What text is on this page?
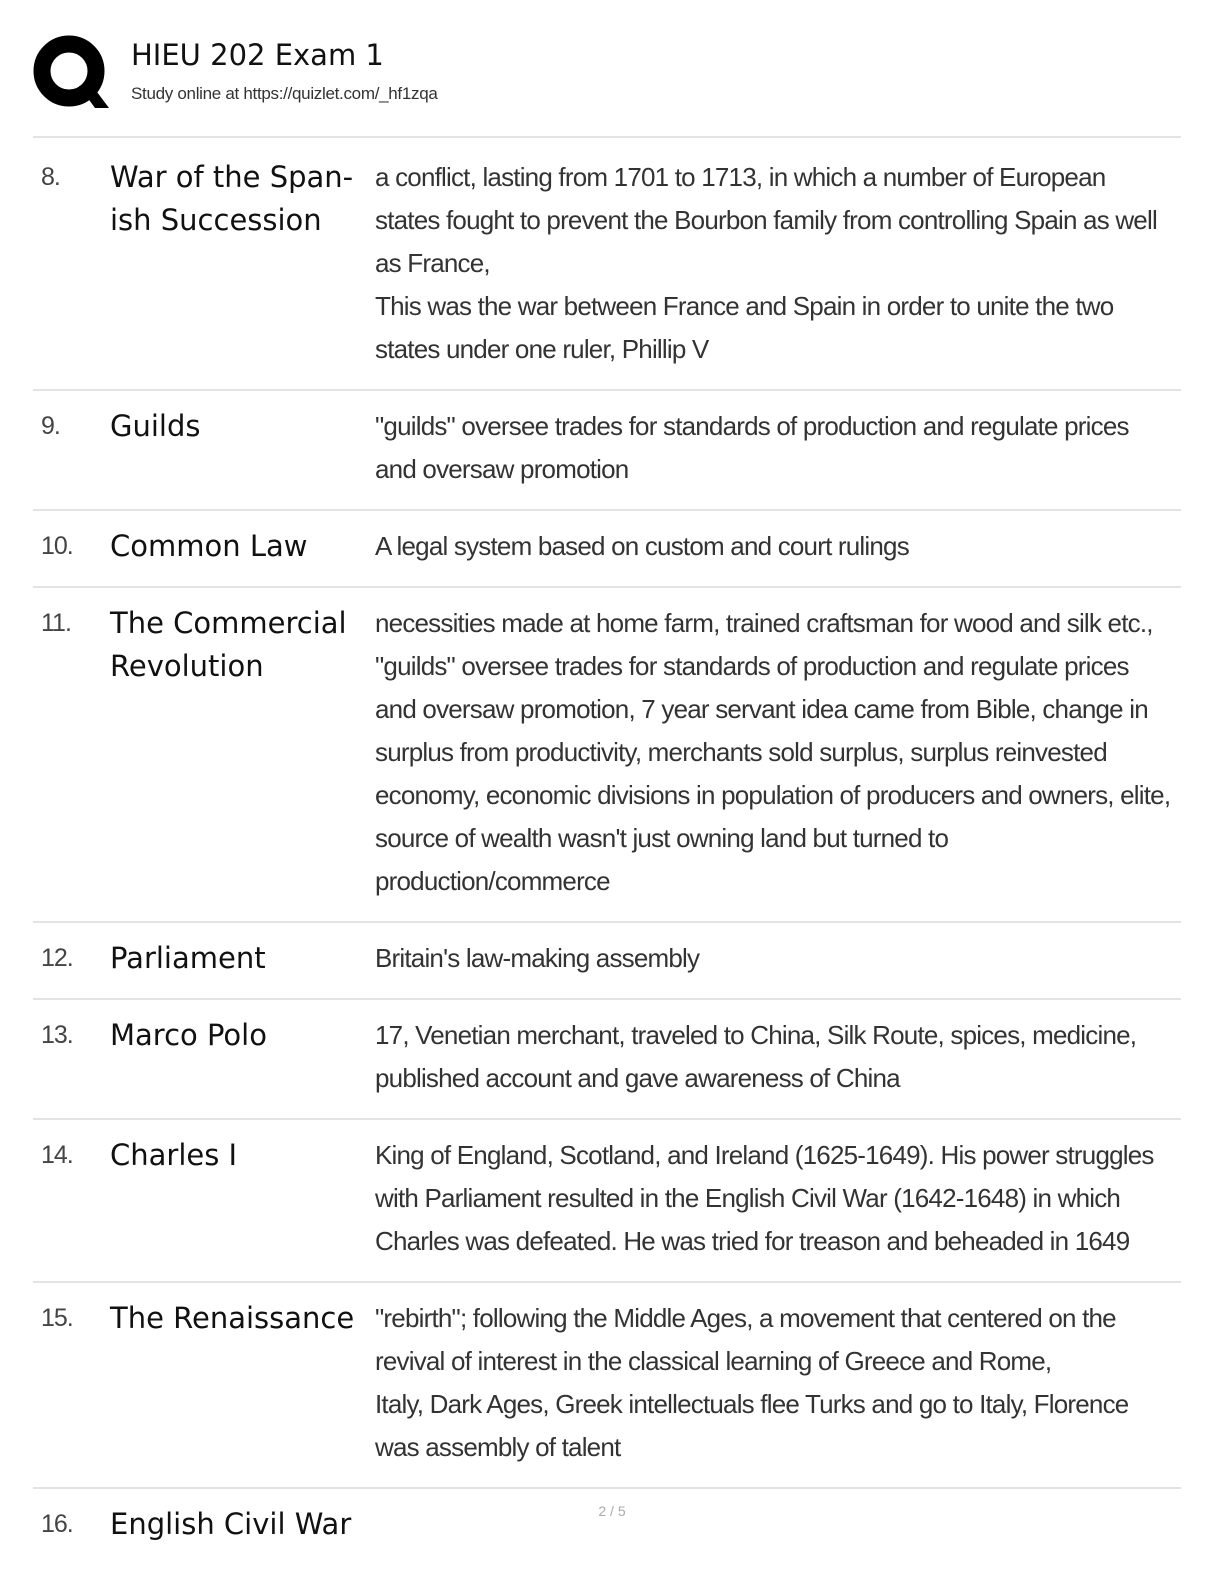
HIEU 202 Exam 1
Study online at https://quizlet.com/_hf1zqa
8.	War of the Span-
ish Succession
a conflict, lasting from 1701 to 1713, in which a number of European states fought to prevent the Bourbon family from controlling Spain as well as France,
This was the war between France and Spain in order to unite the two states under one ruler, Phillip V
9.	Guilds	"guilds" oversee trades for standards of production and regulate prices and oversaw promotion
10.	Common Law	A legal system based on custom and court rulings
11.	The Commercial
Revolution
necessities made at home farm, trained craftsman for wood and silk etc., "guilds" oversee trades for standards of production and regulate prices and oversaw promotion, 7 year servant idea came from Bible, change in surplus from productivity, merchants sold surplus, surplus reinvested economy, economic divisions in population of producers and owners, elite, source of wealth wasn't just owning land but turned to production/commerce
12.	Parliament	Britain's law-making assembly
13.	Marco Polo	17, Venetian merchant, traveled to China, Silk Route, spices, medicine, published account and gave awareness of China
14.	Charles I	King of England, Scotland, and Ireland (1625-1649). His power struggles with Parliament resulted in the English Civil War (1642-1648) in which Charles was defeated. He was tried for treason and beheaded in 1649
15.	The Renaissance "rebirth"; following the Middle Ages, a movement that centered on the revival of interest in the classical learning of Greece and Rome,
Italy, Dark Ages, Greek intellectuals flee Turks and go to Italy, Florence was assembly of talent
16.	English Civil War	2 / 5
